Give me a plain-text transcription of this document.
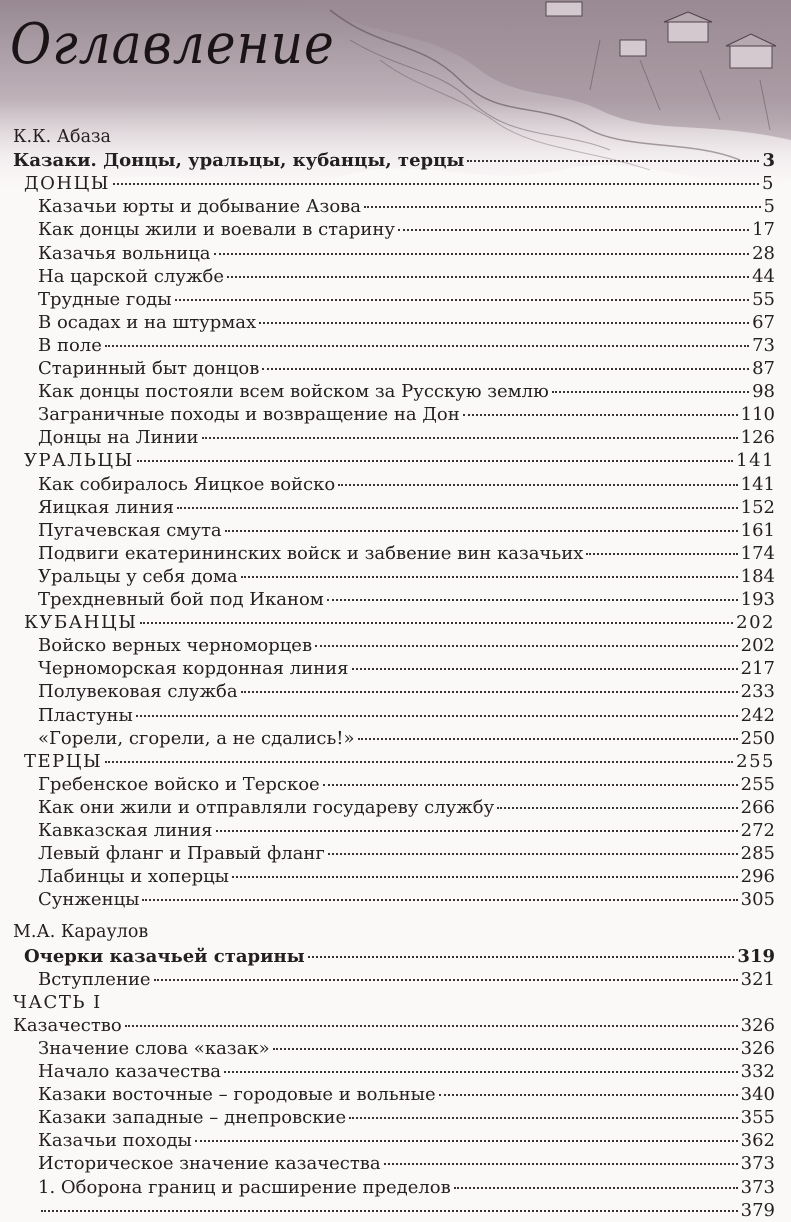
Оглавление
К.К. Абаза
Казаки. Донцы, уральцы, кубанцы, терцы	3
ДОНЦЫ	5
Казачьи юрты и добывание Азова	5
Как донцы жили и воевали в старину	17
Казачья вольница	28
На царской службе	44
Трудные годы	55
В осадах и на штурмах	67
В поле	73
Старинный быт донцов	87
Как донцы постояли всем войском за Русскую землю	98
Заграничные походы и возвращение на Дон	110
Донцы на Линии	126
УРАЛЬЦЫ	141
Как собиралось Яицкое войско	141
Яицкая линия	152
Пугачевская смута	161
Подвиги екатерининских войск и забвение вин казачьих	174
Уральцы у себя дома	184
Трехдневный бой под Иканом	193
КУБАНЦЫ	202
Войско верных черноморцев	202
Черноморская кордонная линия	217
Полувековая служба	233
Пластуны	242
«Горели, сгорели, а не сдались!»	250
ТЕРЦЫ	255
Гребенское войско и Терское	255
Как они жили и отправляли государеву службу	266
Кавказская линия	272
Левый фланг и Правый фланг	285
Лабинцы и хоперцы	296
Сунженцы	305
М.А. Караулов
Очерки казачьей старины	319
Вступление	321
ЧАСТЬ I
Казачество	326
Значение слова «казак»	326
Начало казачества	332
Казаки восточные – городовые и вольные	340
Казаки западные – днепровские	355
Казачьи походы	362
Историческое значение казачества	373
1. Оборона границ и расширение пределов	373
379
